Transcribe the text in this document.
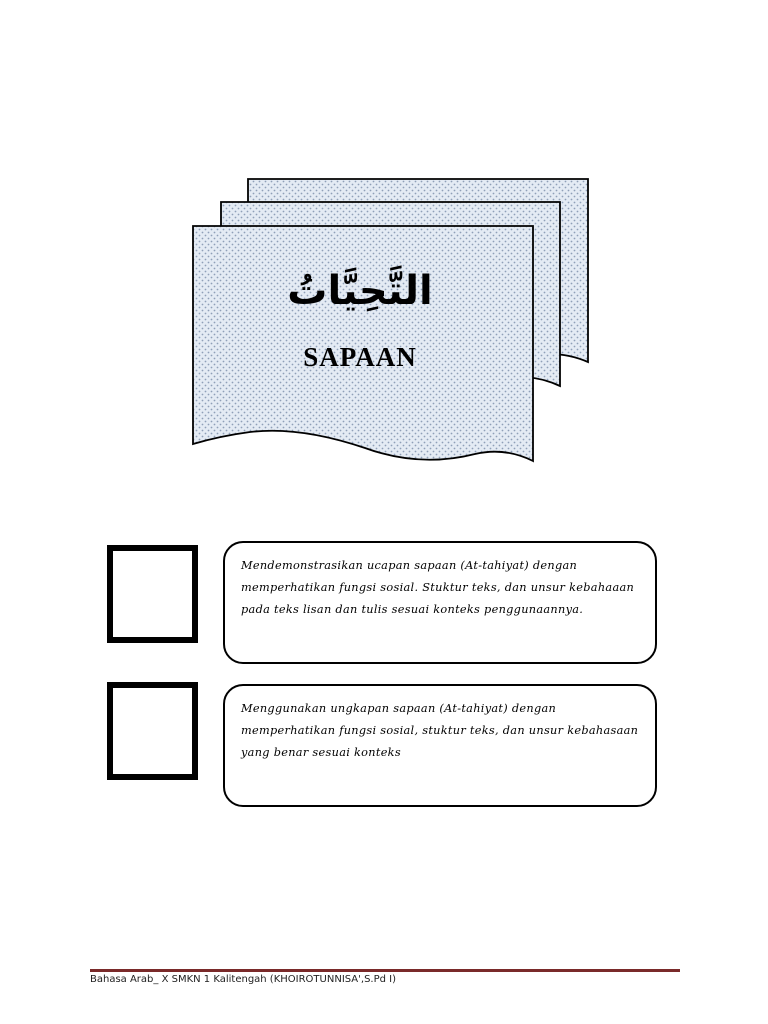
التَّحِيَّاتُ
SAPAAN

Mendemonstrasikan ucapan sapaan (At-tahiyat) dengan memperhatikan fungsi sosial. Stuktur teks, dan unsur kebahaaan pada teks lisan dan tulis sesuai konteks penggunaannya.

Menggunakan ungkapan sapaan (At-tahiyat) dengan memperhatikan fungsi sosial, stuktur teks, dan unsur kebahasaan yang benar sesuai konteks

Bahasa Arab_ X SMKN 1 Kalitengah (KHOIROTUNNISA',S.Pd I)
